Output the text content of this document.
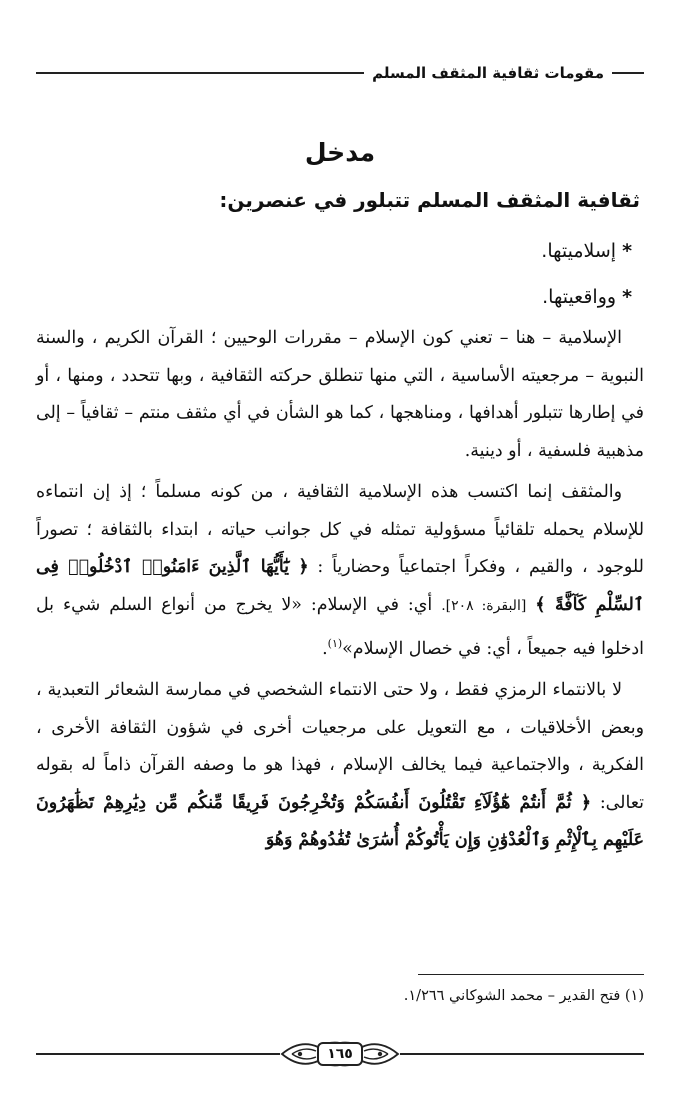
مقومات ثقافية المثقف المسلم
مدخل
ثقافية المثقف المسلم تتبلور في عنصرين:
*إسلاميتها.
*وواقعيتها.

الإسلامية – هنا – تعني كون الإسلام – مقررات الوحيين ؛ القرآن الكريم ، والسنة النبوية – مرجعيته الأساسية ، التي منها تنطلق حركته الثقافية ، وبها تتحدد ، ومنها ، أو في إطارها تتبلور أهدافها ، ومناهجها ، كما هو الشأن في أي مثقف منتم – ثقافياً – إلى مذهبية فلسفية ، أو دينية.

والمثقف إنما اكتسب هذه الإسلامية الثقافية ، من كونه مسلماً ؛ إذ إن انتماءه للإسلام يحمله تلقائياً مسؤولية تمثله في كل جوانب حياته ، ابتداء بالثقافة ؛ تصوراً للوجود ، والقيم ، وفكراً اجتماعياً وحضارياً : ﴿ يَٰٓأَيُّهَا ٱلَّذِينَ ءَامَنُوا۟ ٱدْخُلُوا۟ فِى ٱلسِّلْمِ كَآفَّةً ﴾ [البقرة: ٢٠٨]. أي: في الإسلام: «لا يخرج من أنواع السلم شيء بل ادخلوا فيه جميعاً ، أي: في خصال الإسلام»$^{(١)}$.

لا بالانتماء الرمزي فقط ، ولا حتى الانتماء الشخصي في ممارسة الشعائر التعبدية ، وبعض الأخلاقيات ، مع التعويل على مرجعيات أخرى في شؤون الثقافة الأخرى ، الفكرية ، والاجتماعية فيما يخالف الإسلام ، فهذا هو ما وصفه القرآن ذاماً له بقوله تعالى: ﴿ ثُمَّ أَنتُمْ هَٰٓؤُلَآءِ تَقْتُلُونَ أَنفُسَكُمْ وَتُخْرِجُونَ فَرِيقًا مِّنكُم مِّن دِيَٰرِهِمْ تَظَٰهَرُونَ عَلَيْهِم بِٱلْإِثْمِ وَٱلْعُدْوَٰنِ وَإِن يَأْتُوكُمْ أُسَٰرَىٰ تُفَٰدُوهُمْ وَهُوَ

(١) فتح القدير – محمد الشوكاني ١/٢٦٦.

١٦٥
